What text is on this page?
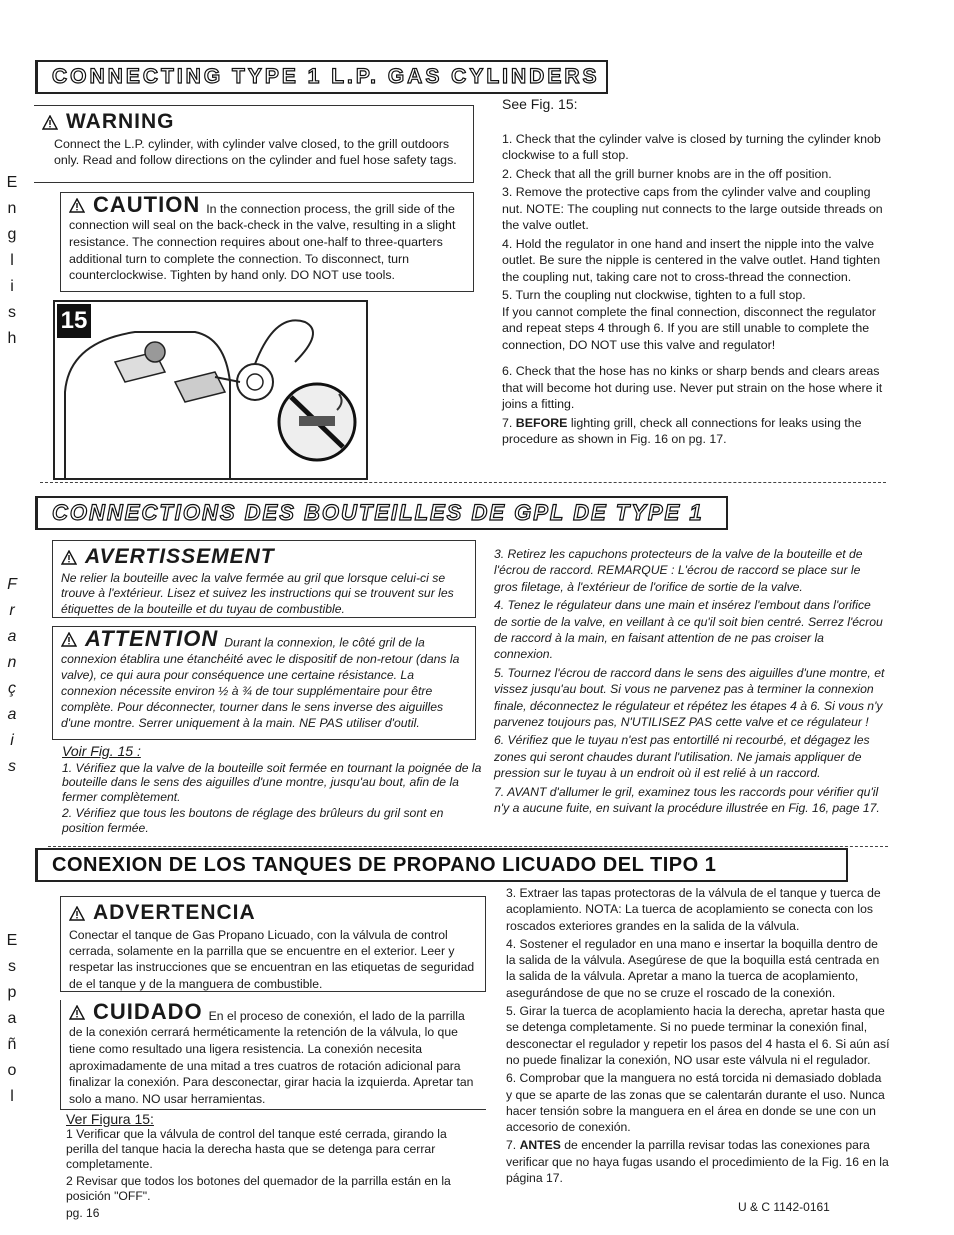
CONNECTING TYPE 1 L.P. GAS CYLINDERS
E
n
g
l
i
s
h
WARNING

Connect the L.P. cylinder, with cylinder valve closed, to the grill outdoors only. Read and follow directions on the cylinder and fuel hose safety tags.

CAUTION In the connection process, the grill side of the connection will seal on the back-check in the valve, resulting in a slight resistance. The connection requires about one-half to three-quarters additional turn to complete the connection. To disconnect, turn counterclockwise. Tighten by hand only. DO NOT use tools.

15

See Fig. 15:

1. Check that the cylinder valve is closed by turning the cylinder knob clockwise to a full stop.

2. Check that all the grill burner knobs are in the off position.

3. Remove the protective caps from the cylinder valve and coupling nut. NOTE: The coupling nut connects to the large outside threads on the valve outlet.

4. Hold the regulator in one hand and insert the nipple into the valve outlet. Be sure the nipple is centered in the valve outlet. Hand tighten the coupling nut, taking care not to cross-thread the connection.

5. Turn the coupling nut clockwise, tighten to a full stop.

If you cannot complete the final connection, disconnect the regulator and repeat steps 4 through 6. If you are still unable to complete the connection, DO NOT use this valve and regulator!

6. Check that the hose has no kinks or sharp bends and clears areas that will become hot during use. Never put strain on the hose where it joins a fitting.

7. BEFORE lighting grill, check all connections for leaks using the procedure as shown in Fig. 16 on pg. 17.

CONNECTIONS DES BOUTEILLES DE GPL DE TYPE 1
F
r
a
n
ç
a
i
s
AVERTISSEMENT

Ne relier la bouteille avec la valve fermée au gril que lorsque celui-ci se trouve à l'extérieur. Lisez et suivez les instructions qui se trouvent sur les étiquettes de la bouteille et du tuyau de combustible.

ATTENTION Durant la connexion, le côté gril de la connexion établira une étanchéité avec le dispositif de non-retour (dans la valve), ce qui aura pour conséquence une certaine résistance. La connexion nécessite environ ½ à ¾ de tour supplémentaire pour être complète. Pour déconnecter, tourner dans le sens inverse des aiguilles d'une montre. Serrer uniquement à la main. NE PAS utiliser d'outil.

Voir Fig. 15 :

1. Vérifiez que la valve de la bouteille soit fermée en tournant la poignée de la bouteille dans le sens des aiguilles d'une montre, jusqu'au bout, afin de la fermer complètement.

2. Vérifiez que tous les boutons de réglage des brûleurs du gril sont en position fermée.

3. Retirez les capuchons protecteurs de la valve de la bouteille et de l'écrou de raccord. REMARQUE : L'écrou de raccord se place sur le gros filetage, à l'extérieur de l'orifice de sortie de la valve.

4. Tenez le régulateur dans une main et insérez l'embout dans l'orifice de sortie de la valve, en veillant à ce qu'il soit bien centré. Serrez l'écrou de raccord à la main, en faisant attention de ne pas croiser la connexion.

5. Tournez l'écrou de raccord dans le sens des aiguilles d'une montre, et vissez jusqu'au bout. Si vous ne parvenez pas à terminer la connexion finale, déconnectez le régulateur et répétez les étapes 4 à 6. Si vous n'y parvenez toujours pas, N'UTILISEZ PAS cette valve et ce régulateur !

6. Vérifiez que le tuyau n'est pas entortillé ni recourbé, et dégagez les zones qui seront chaudes durant l'utilisation. Ne jamais appliquer de pression sur le tuyau à un endroit où il est relié à un raccord.

7. AVANT d'allumer le gril, examinez tous les raccords pour vérifier qu'il n'y a aucune fuite, en suivant la procédure illustrée en Fig. 16, page 17.

CONEXION DE LOS TANQUES DE PROPANO LICUADO DEL TIPO 1
E
s
p
a
ñ
o
l
ADVERTENCIA

Conectar el tanque de Gas Propano Licuado, con la válvula de control cerrada, solamente en la parrilla que se encuentre en el exterior. Leer y respetar las instrucciones que se encuentran en las etiquetas de seguridad de el tanque y de la manguera de combustible.

CUIDADO En el proceso de conexión, el lado de la parrilla de la conexión cerrará herméticamente la retención de la válvula, lo que tiene como resultado una ligera resistencia. La conexión necesita aproximadamente de una mitad a tres cuatros de rotación adicional para finalizar la conexión. Para desconectar, girar hacia la izquierda. Apretar tan solo a mano. NO usar herramientas.

Ver Figura 15:

1 Verificar que la válvula de control del tanque esté cerrada, girando la perilla del tanque hacia la derecha hasta que se detenga para cerrar completamente.

2 Revisar que todos los botones del quemador de la parrilla están en la posición "OFF".

3. Extraer las tapas protectoras de la válvula de el tanque y tuerca de acoplamiento. NOTA: La tuerca de acoplamiento se conecta con los roscados exteriores grandes en la salida de la válvula.

4. Sostener el regulador en una mano e insertar la boquilla dentro de la salida de la válvula. Asegúrese de que la boquilla está centrada en la salida de la válvula. Apretar a mano la tuerca de acoplamiento, asegurándose de que no se cruze el roscado de la conexión.

5. Girar la tuerca de acoplamiento hacia la derecha, apretar hasta que se detenga completamente. Si no puede terminar la conexión final, desconectar el regulador y repetir los pasos del 4 hasta el 6. Si aún así no puede finalizar la conexión, NO usar este válvula ni el regulador.

6. Comprobar que la manguera no está torcida ni demasiado doblada y que se aparte de las zonas que se calentarán durante el uso. Nunca hacer tensión sobre la manguera en el área en donde se une con un accesorio de conexión.

7. ANTES de encender la parrilla revisar todas las conexiones para verificar que no haya fugas usando el procedimiento de la Fig. 16 en la página 17.

pg. 16	U & C 1142-0161
